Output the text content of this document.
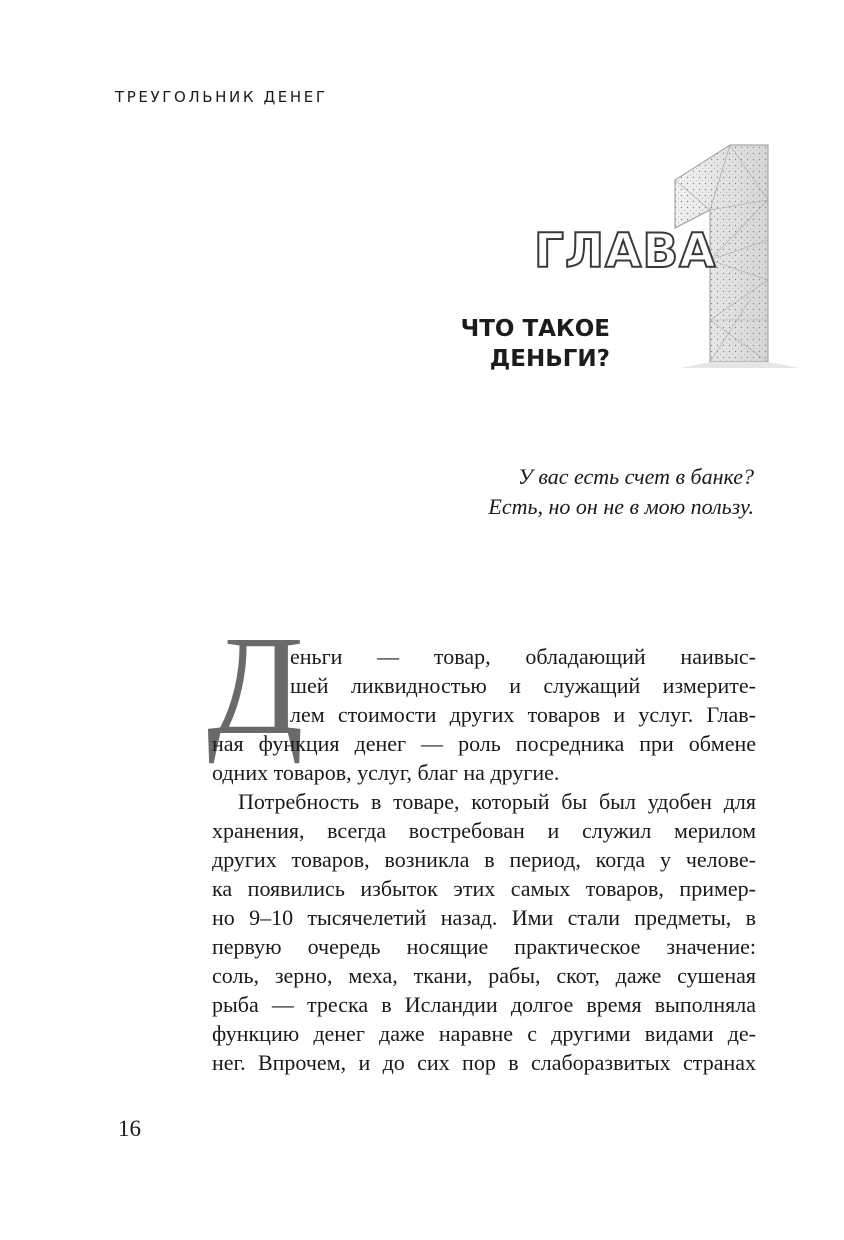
ТРЕУГОЛЬНИК ДЕНЕГ
1
ГЛАВА
ЧТО ТАКОЕ
ДЕНЬГИ?
У вас есть счет в банке?
Есть, но он не в мою пользу.
Д
еньги — товар, обладающий наивыс-
шей ликвидностью и служащий измерите-
лем стоимости других товаров и услуг. Глав-
ная функция денег — роль посредника при обмене
одних товаров, услуг, благ на другие.
Потребность в товаре, который бы был удобен для
хранения, всегда востребован и служил мерилом
других товаров, возникла в период, когда у челове-
ка появились избыток этих самых товаров, пример-
но 9–10 тысячелетий назад. Ими стали предметы, в
первую очередь носящие практическое значение:
соль, зерно, меха, ткани, рабы, скот, даже сушеная
рыба — треска в Исландии долгое время выполняла
функцию денег даже наравне с другими видами де-
нег. Впрочем, и до сих пор в слаборазвитых странах
16
